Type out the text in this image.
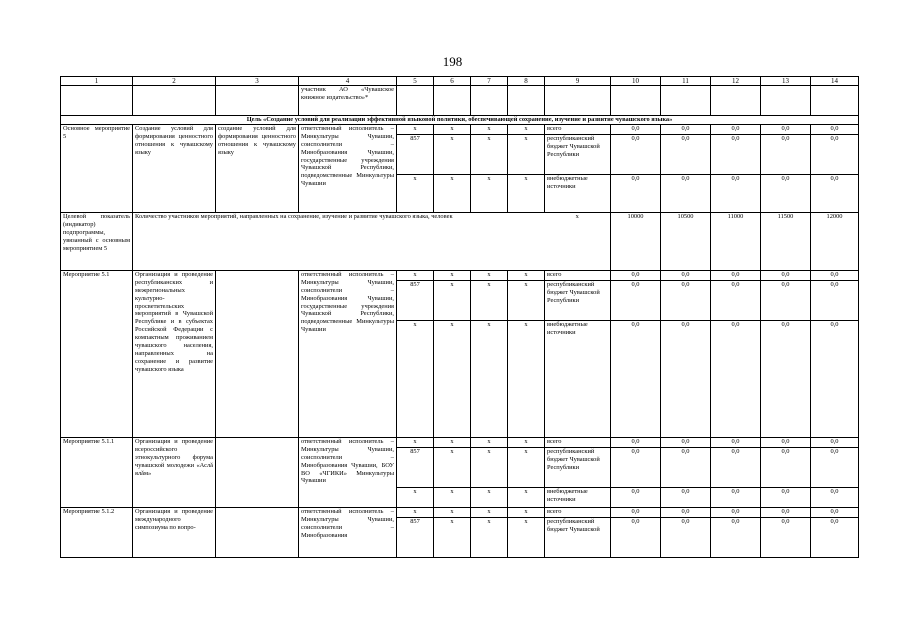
198
1	2	3	4	5	6	7	8	9	10	11	12	13	14
			участник АО «Чувашское книжное издательство»*										
Цель «Создание условий для реализации эффективной языковой политики, обеспечивающей сохранение, изучение и развитие чувашского языка»													
Основное мероприятие 5	Создание условий для формирования ценностного отношения к чувашскому языку	создание условий для формирования ценностного отношения к чувашскому языку	ответственный исполнитель – Минкультуры Чувашии, соисполнители – Минобразования Чувашии, государственные учреждения Чувашской Республики, подведомственные Минкультуры Чувашии	x	x	x	x	всего	0,0	0,0	0,0	0,0	0,0
				857	x	x	x	республиканский бюджет Чувашской Республики	0,0	0,0	0,0	0,0	0,0
				x	x	x	x	внебюджетные источники	0,0	0,0	0,0	0,0	0,0
Целевой показатель (индикатор) подпрограммы, увязанный с основным мероприятием 5	Количество участников мероприятий, направленных на сохранение, изучение и развитие чувашского языка, человек							x	10000	10500	11000	11500	12000
Мероприятие 5.1	Организация и проведение республиканских и межрегиональных культурно-просветительских мероприятий в Чувашской Республике и в субъектах Российской Федерации с компактным проживанием чувашского населения, направленных на сохранение и развитие чувашского языка		ответственный исполнитель – Минкультуры Чувашии, соисполнители – Минобразования Чувашии, государственные учреждения Чувашской Республики, подведомственные Минкультуры Чувашии	x	x	x	x	всего	0,0	0,0	0,0	0,0	0,0
				857	x	x	x	республиканский бюджет Чувашской Республики	0,0	0,0	0,0	0,0	0,0
				x	x	x	x	внебюджетные источники	0,0	0,0	0,0	0,0	0,0
Мероприятие 5.1.1	Организация и проведение всероссийского этнокультурного форума чувашской молодежи «Аслă ялăм»		ответственный исполнитель – Минкультуры Чувашии, соисполнители – Минобразования Чувашии, БОУ ВО «ЧГИКИ» Минкультуры Чувашии	x	x	x	x	всего	0,0	0,0	0,0	0,0	0,0
				857	x	x	x	республиканский бюджет Чувашской Республики	0,0	0,0	0,0	0,0	0,0
				x	x	x	x	внебюджетные источники	0,0	0,0	0,0	0,0	0,0
Мероприятие 5.1.2	Организация и проведение международного симпозиума по вопро-		ответственный исполнитель – Минкультуры Чувашии, соисполнители – Минобразования	x	x	x	x	всего	0,0	0,0	0,0	0,0	0,0
				857	x	x	x	республиканский бюджет Чувашской	0,0	0,0	0,0	0,0	0,0
